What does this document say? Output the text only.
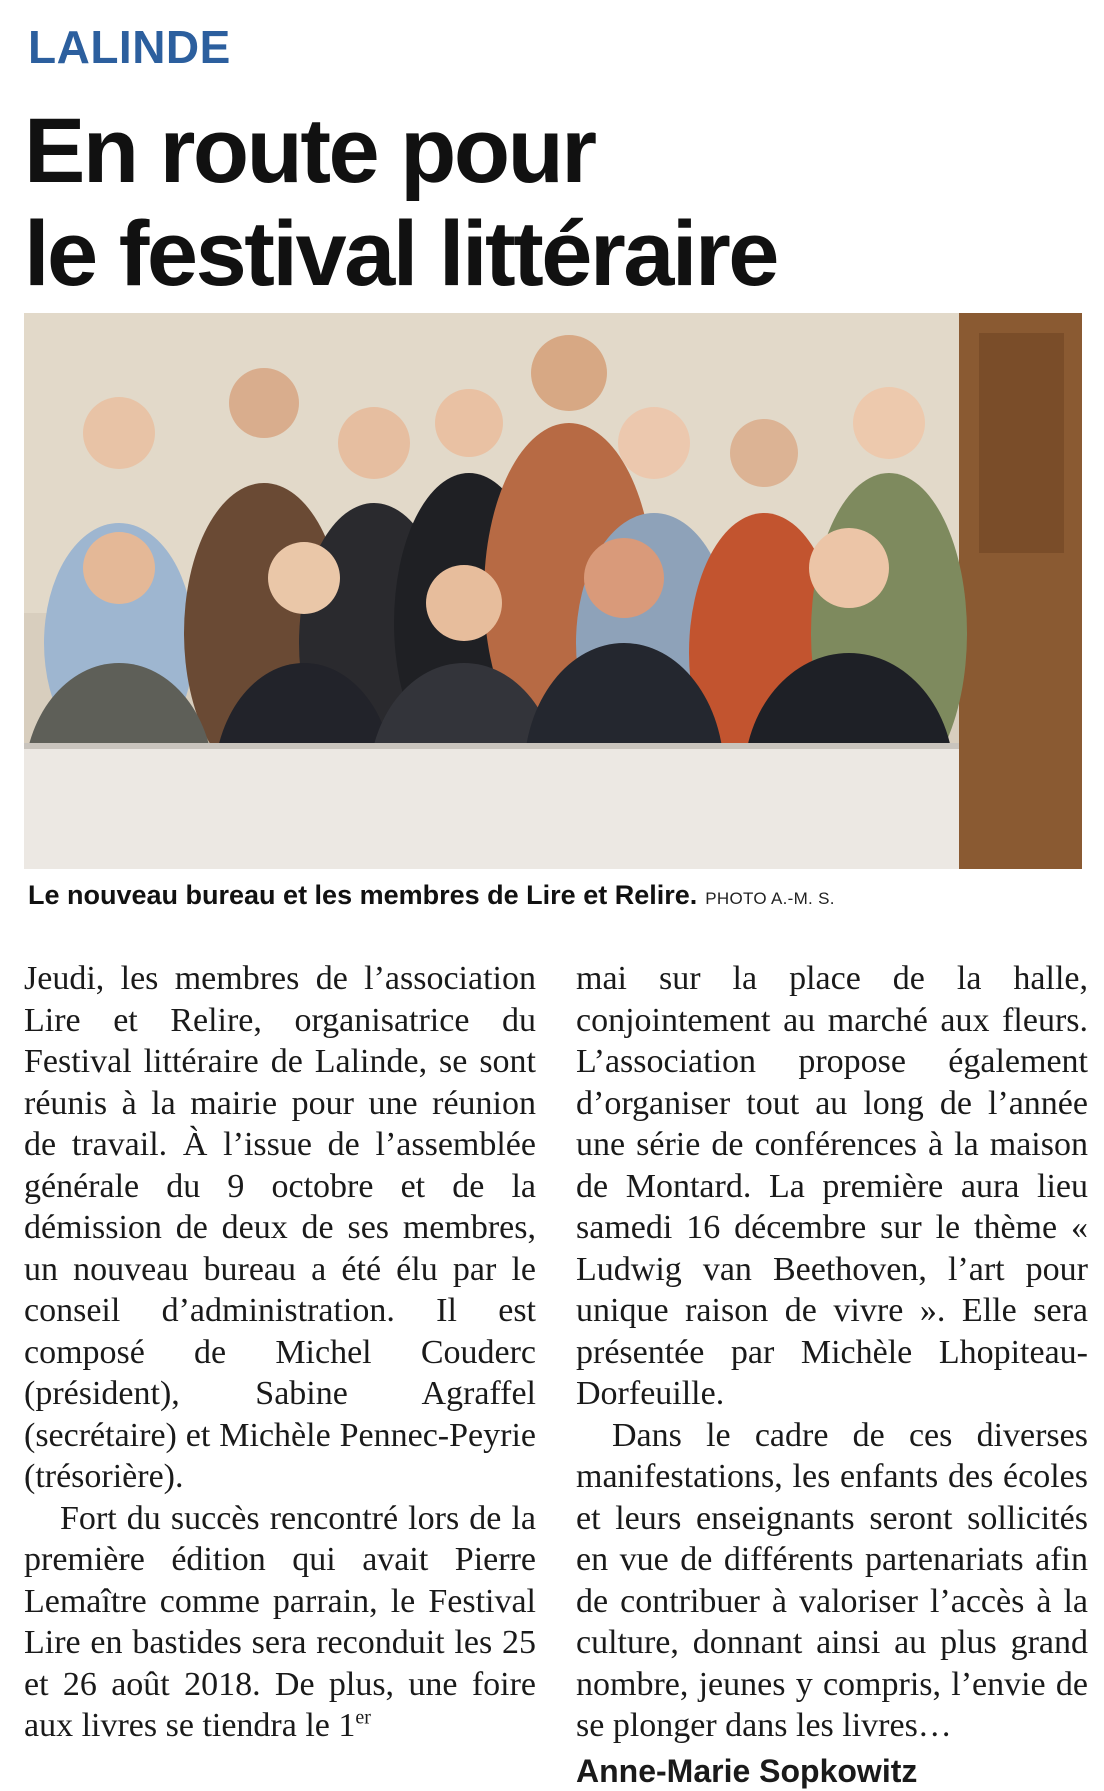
LALINDE
En route pour
le festival littéraire
Le nouveau bureau et les membres de Lire et Relire. PHOTO A.-M. S.

Jeudi, les membres de l’association Lire et Relire, organisatrice du Festival littéraire de Lalinde, se sont réunis à la mairie pour une réunion de travail. À l’issue de l’assemblée générale du 9 octobre et de la démission de deux de ses membres, un nouveau bureau a été élu par le conseil d’administration. Il est composé de Michel Couderc (président), Sabine Agraffel (secrétaire) et Michèle Pennec-Peyrie (trésorière).

Fort du succès rencontré lors de la première édition qui avait Pierre Lemaître comme parrain, le Festival Lire en bastides sera reconduit les 25 et 26 août 2018. De plus, une foire aux livres se tiendra le 1er

mai sur la place de la halle, conjointement au marché aux fleurs. L’association propose également d’organiser tout au long de l’année une série de conférences à la maison de Montard. La première aura lieu samedi 16 décembre sur le thème « Ludwig van Beethoven, l’art pour unique raison de vivre ». Elle sera présentée par Michèle Lhopiteau-Dorfeuille.

Dans le cadre de ces diverses manifestations, les enfants des écoles et leurs enseignants seront sollicités en vue de différents partenariats afin de contribuer à valoriser l’accès à la culture, donnant ainsi au plus grand nombre, jeunes y compris, l’envie de se plonger dans les livres…

Anne-Marie Sopkowitz
